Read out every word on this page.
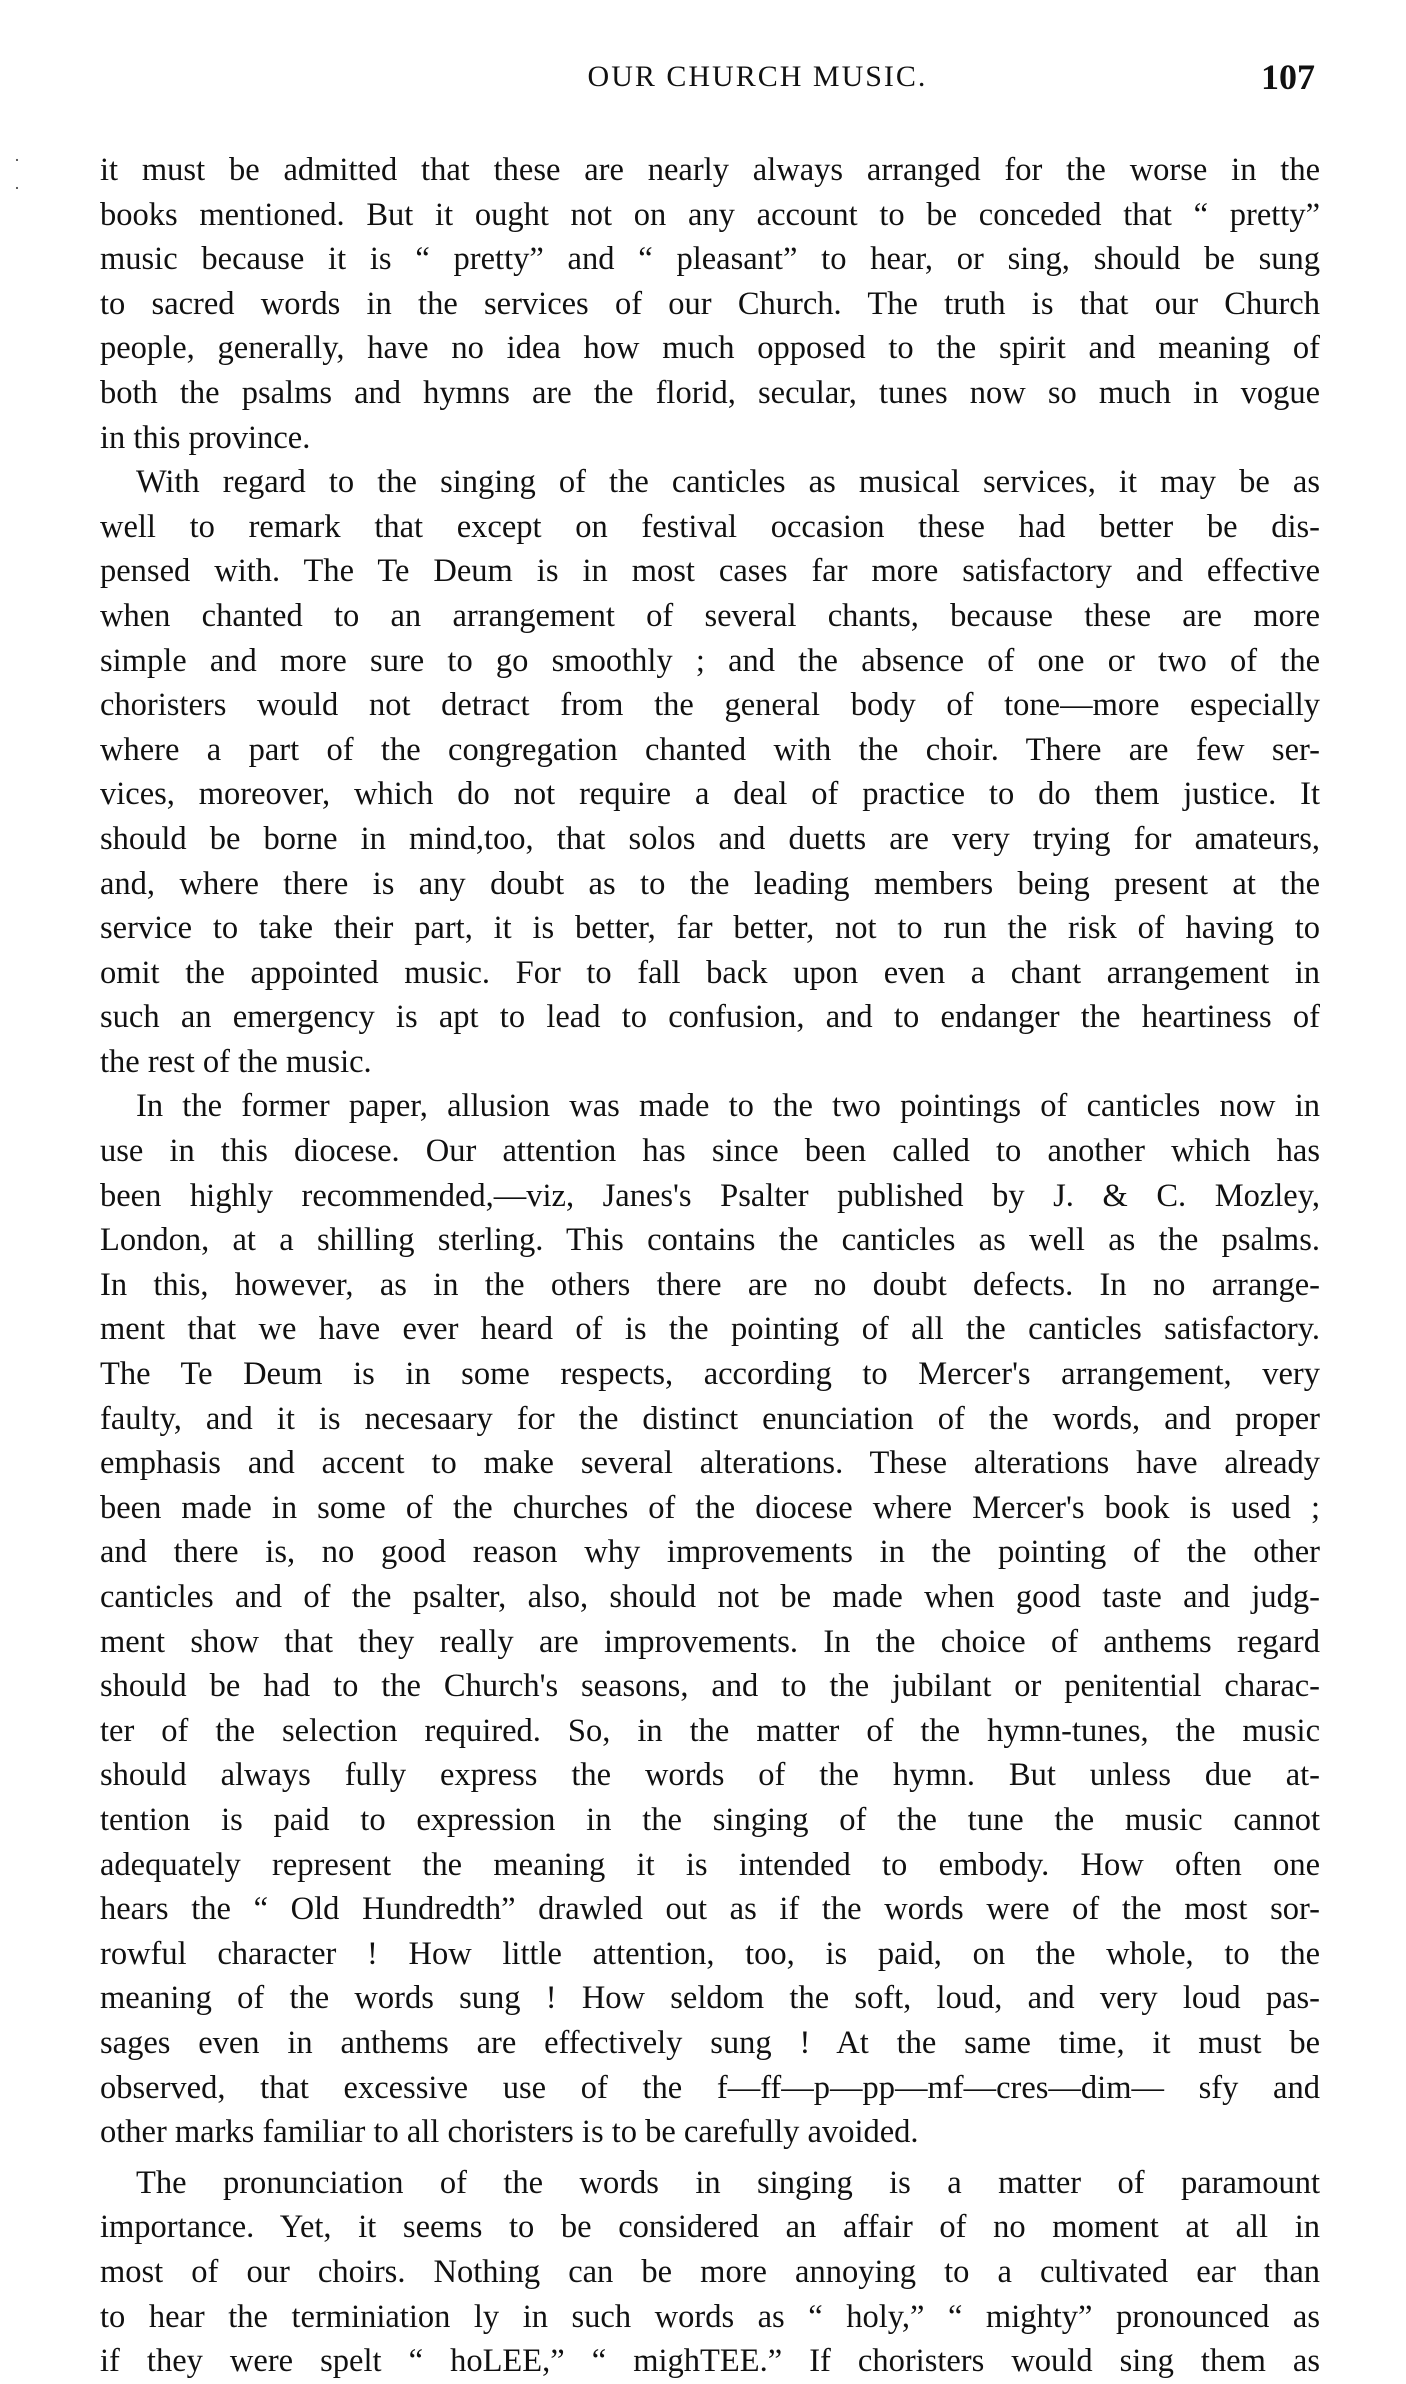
OUR CHURCH MUSIC.	107
·
· it must be admitted that these are nearly always arranged for the worse in the
books mentioned. But it ought not on any account to be conceded that “ pretty”
music because it is “ pretty” and “ pleasant” to hear, or sing, should be sung
to sacred words in the services of our Church. The truth is that our Church
people, generally, have no idea how much opposed to the spirit and meaning of
both the psalms and hymns are the florid, secular, tunes now so much in vogue
in this province.
With regard to the singing of the canticles as musical services, it may be as
well to remark that except on festival occasion these had better be dis-
pensed with. The Te Deum is in most cases far more satisfactory and effective
when chanted to an arrangement of several chants, because these are more
simple and more sure to go smoothly ; and the absence of one or two of the
choristers would not detract from the general body of tone—more especially
where a part of the congregation chanted with the choir. There are few ser-
vices, moreover, which do not require a deal of practice to do them justice. It
should be borne in mind,too, that solos and duetts are very trying for amateurs,
and, where there is any doubt as to the leading members being present at the
service to take their part, it is better, far better, not to run the risk of having to
omit the appointed music. For to fall back upon even a chant arrangement in
such an emergency is apt to lead to confusion, and to endanger the heartiness of
the rest of the music.
In the former paper, allusion was made to the two pointings of canticles now in
use in this diocese. Our attention has since been called to another which has
been highly recommended,—viz, Janes's Psalter published by J. & C. Mozley,
London, at a shilling sterling. This contains the canticles as well as the psalms.
In this, however, as in the others there are no doubt defects. In no arrange-
ment that we have ever heard of is the pointing of all the canticles satisfactory.
The Te Deum is in some respects, according to Mercer's arrangement, very
faulty, and it is necesaary for the distinct enunciation of the words, and proper
emphasis and accent to make several alterations. These alterations have already
been made in some of the churches of the diocese where Mercer's book is used ;
and there is, no good reason why improvements in the pointing of the other
canticles and of the psalter, also, should not be made when good taste and judg-
ment show that they really are improvements. In the choice of anthems regard
should be had to the Church's seasons, and to the jubilant or penitential charac-
ter of the selection required. So, in the matter of the hymn-tunes, the music
should always fully express the words of the hymn. But unless due at-
tention is paid to expression in the singing of the tune the music cannot
adequately represent the meaning it is intended to embody. How often one
hears the “ Old Hundredth” drawled out as if the words were of the most sor-
rowful character ! How little attention, too, is paid, on the whole, to the
meaning of the words sung ! How seldom the soft, loud, and very loud pas-
sages even in anthems are effectively sung ! At the same time, it must be
observed, that excessive use of the f—ff—p—pp—mf—cres—dim— sfy and
other marks familiar to all choristers is to be carefully avoided.
The pronunciation of the words in singing is a matter of paramount
importance. Yet, it seems to be considered an affair of no moment at all in
most of our choirs. Nothing can be more annoying to a cultivated ear than
to hear the terminiation ly in such words as “ holy,” “ mighty” pronounced as
if they were spelt “ hoLEE,” “ mighTEE.” If choristers would sing them as
